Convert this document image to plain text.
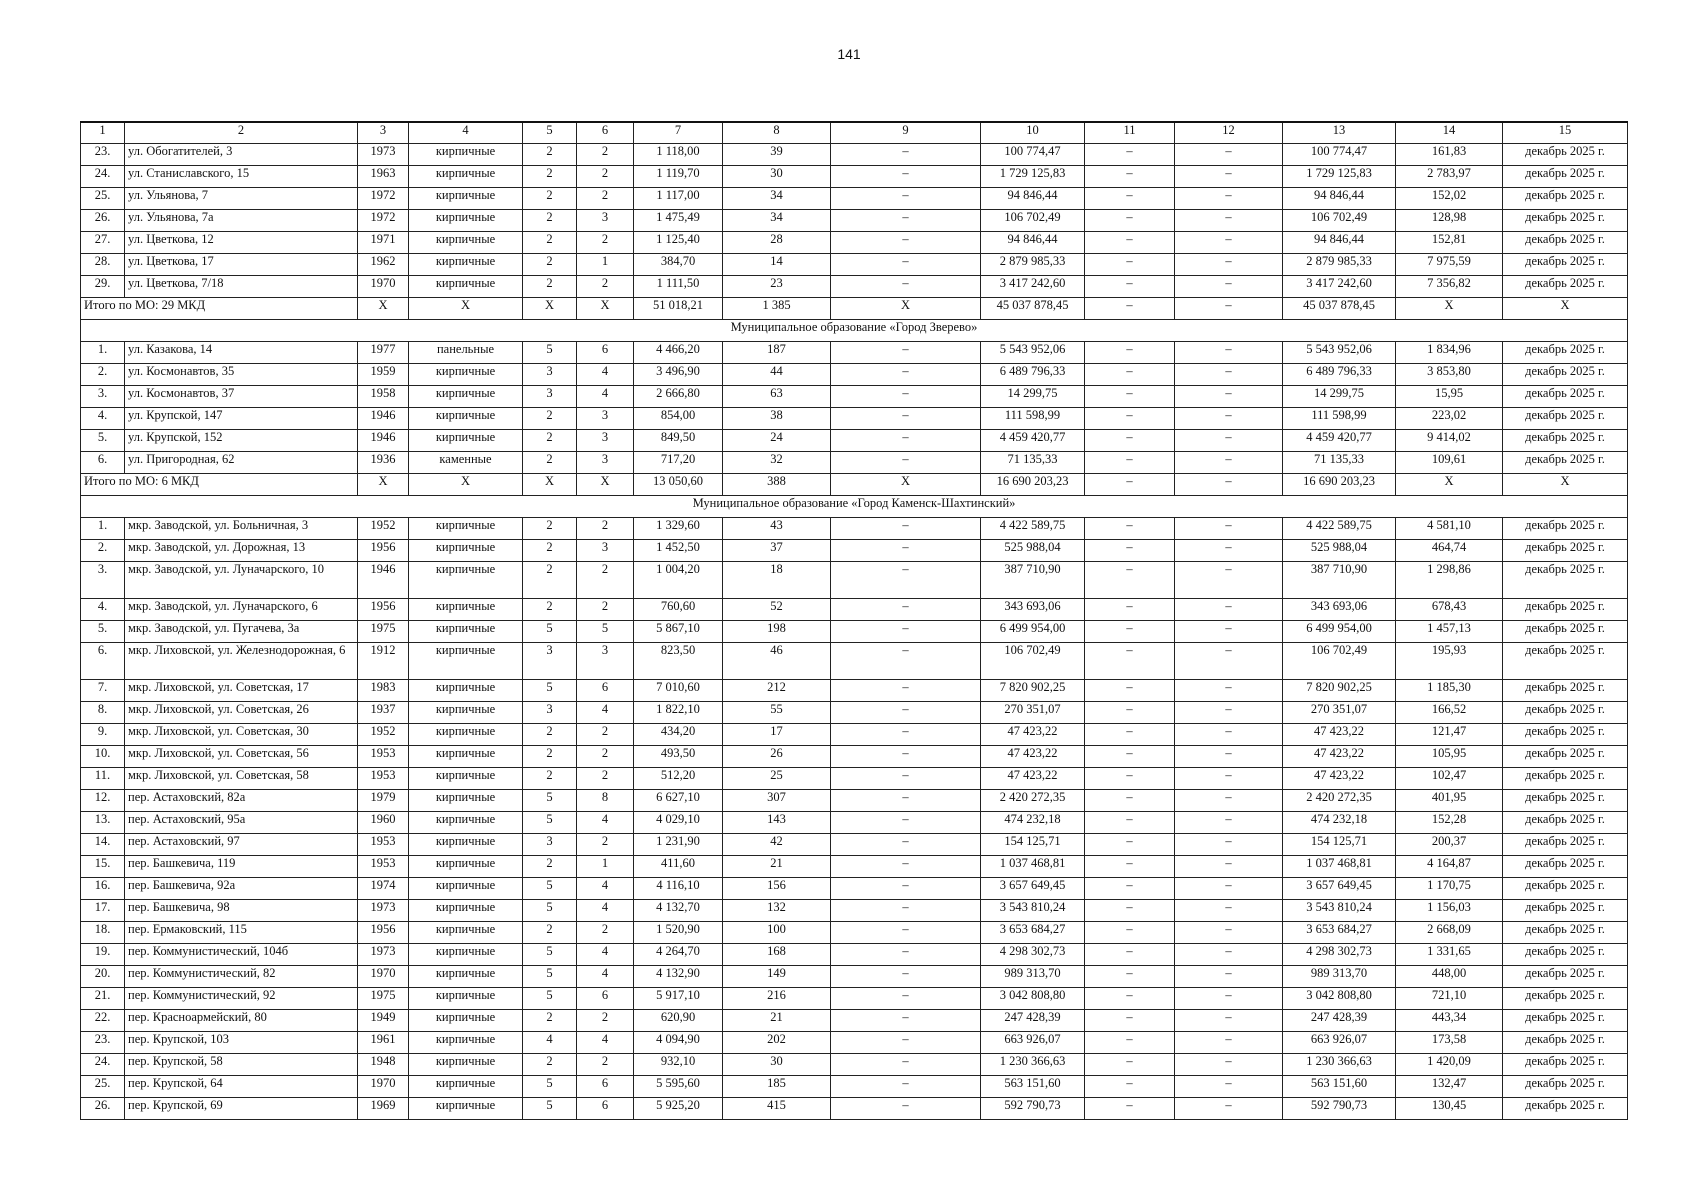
141
1	2	3	4	5	6	7	8	9	10	11	12	13	14	15
23.	ул. Обогатителей, 3	1973	кирпичные	2	2	1 118,00	39	–	100 774,47	–	–	100 774,47	161,83	декабрь 2025 г.
24.	ул. Станиславского, 15	1963	кирпичные	2	2	1 119,70	30	–	1 729 125,83	–	–	1 729 125,83	2 783,97	декабрь 2025 г.
25.	ул. Ульянова, 7	1972	кирпичные	2	2	1 117,00	34	–	94 846,44	–	–	94 846,44	152,02	декабрь 2025 г.
26.	ул. Ульянова, 7а	1972	кирпичные	2	3	1 475,49	34	–	106 702,49	–	–	106 702,49	128,98	декабрь 2025 г.
27.	ул. Цветкова, 12	1971	кирпичные	2	2	1 125,40	28	–	94 846,44	–	–	94 846,44	152,81	декабрь 2025 г.
28.	ул. Цветкова, 17	1962	кирпичные	2	1	384,70	14	–	2 879 985,33	–	–	2 879 985,33	7 975,59	декабрь 2025 г.
29.	ул. Цветкова, 7/18	1970	кирпичные	2	2	1 111,50	23	–	3 417 242,60	–	–	3 417 242,60	7 356,82	декабрь 2025 г.
Итого по МО: 29 МКД		X	X	X	X	51 018,21	1 385	X	45 037 878,45	–	–	45 037 878,45	X	X
Муниципальное образование «Город Зверево»														
1.	ул. Казакова, 14	1977	панельные	5	6	4 466,20	187	–	5 543 952,06	–	–	5 543 952,06	1 834,96	декабрь 2025 г.
2.	ул. Космонавтов, 35	1959	кирпичные	3	4	3 496,90	44	–	6 489 796,33	–	–	6 489 796,33	3 853,80	декабрь 2025 г.
3.	ул. Космонавтов, 37	1958	кирпичные	3	4	2 666,80	63	–	14 299,75	–	–	14 299,75	15,95	декабрь 2025 г.
4.	ул. Крупской, 147	1946	кирпичные	2	3	854,00	38	–	111 598,99	–	–	111 598,99	223,02	декабрь 2025 г.
5.	ул. Крупской, 152	1946	кирпичные	2	3	849,50	24	–	4 459 420,77	–	–	4 459 420,77	9 414,02	декабрь 2025 г.
6.	ул. Пригородная, 62	1936	каменные	2	3	717,20	32	–	71 135,33	–	–	71 135,33	109,61	декабрь 2025 г.
Итого по МО: 6 МКД		X	X	X	X	13 050,60	388	X	16 690 203,23	–	–	16 690 203,23	X	X
Муниципальное образование «Город Каменск-Шахтинский»														
1.	мкр. Заводской, ул. Больничная, 3	1952	кирпичные	2	2	1 329,60	43	–	4 422 589,75	–	–	4 422 589,75	4 581,10	декабрь 2025 г.
2.	мкр. Заводской, ул. Дорожная, 13	1956	кирпичные	2	3	1 452,50	37	–	525 988,04	–	–	525 988,04	464,74	декабрь 2025 г.
3.	мкр. Заводской, ул. Луначарского, 10	1946	кирпичные	2	2	1 004,20	18	–	387 710,90	–	–	387 710,90	1 298,86	декабрь 2025 г.
4.	мкр. Заводской, ул. Луначарского, 6	1956	кирпичные	2	2	760,60	52	–	343 693,06	–	–	343 693,06	678,43	декабрь 2025 г.
5.	мкр. Заводской, ул. Пугачева, 3а	1975	кирпичные	5	5	5 867,10	198	–	6 499 954,00	–	–	6 499 954,00	1 457,13	декабрь 2025 г.
6.	мкр. Лиховской, ул. Железнодорожная, 6	1912	кирпичные	3	3	823,50	46	–	106 702,49	–	–	106 702,49	195,93	декабрь 2025 г.
7.	мкр. Лиховской, ул. Советская, 17	1983	кирпичные	5	6	7 010,60	212	–	7 820 902,25	–	–	7 820 902,25	1 185,30	декабрь 2025 г.
8.	мкр. Лиховской, ул. Советская, 26	1937	кирпичные	3	4	1 822,10	55	–	270 351,07	–	–	270 351,07	166,52	декабрь 2025 г.
9.	мкр. Лиховской, ул. Советская, 30	1952	кирпичные	2	2	434,20	17	–	47 423,22	–	–	47 423,22	121,47	декабрь 2025 г.
10.	мкр. Лиховской, ул. Советская, 56	1953	кирпичные	2	2	493,50	26	–	47 423,22	–	–	47 423,22	105,95	декабрь 2025 г.
11.	мкр. Лиховской, ул. Советская, 58	1953	кирпичные	2	2	512,20	25	–	47 423,22	–	–	47 423,22	102,47	декабрь 2025 г.
12.	пер. Астаховский, 82а	1979	кирпичные	5	8	6 627,10	307	–	2 420 272,35	–	–	2 420 272,35	401,95	декабрь 2025 г.
13.	пер. Астаховский, 95а	1960	кирпичные	5	4	4 029,10	143	–	474 232,18	–	–	474 232,18	152,28	декабрь 2025 г.
14.	пер. Астаховский, 97	1953	кирпичные	3	2	1 231,90	42	–	154 125,71	–	–	154 125,71	200,37	декабрь 2025 г.
15.	пер. Башкевича, 119	1953	кирпичные	2	1	411,60	21	–	1 037 468,81	–	–	1 037 468,81	4 164,87	декабрь 2025 г.
16.	пер. Башкевича, 92а	1974	кирпичные	5	4	4 116,10	156	–	3 657 649,45	–	–	3 657 649,45	1 170,75	декабрь 2025 г.
17.	пер. Башкевича, 98	1973	кирпичные	5	4	4 132,70	132	–	3 543 810,24	–	–	3 543 810,24	1 156,03	декабрь 2025 г.
18.	пер. Ермаковский, 115	1956	кирпичные	2	2	1 520,90	100	–	3 653 684,27	–	–	3 653 684,27	2 668,09	декабрь 2025 г.
19.	пер. Коммунистический, 104б	1973	кирпичные	5	4	4 264,70	168	–	4 298 302,73	–	–	4 298 302,73	1 331,65	декабрь 2025 г.
20.	пер. Коммунистический, 82	1970	кирпичные	5	4	4 132,90	149	–	989 313,70	–	–	989 313,70	448,00	декабрь 2025 г.
21.	пер. Коммунистический, 92	1975	кирпичные	5	6	5 917,10	216	–	3 042 808,80	–	–	3 042 808,80	721,10	декабрь 2025 г.
22.	пер. Красноармейский, 80	1949	кирпичные	2	2	620,90	21	–	247 428,39	–	–	247 428,39	443,34	декабрь 2025 г.
23.	пер. Крупской, 103	1961	кирпичные	4	4	4 094,90	202	–	663 926,07	–	–	663 926,07	173,58	декабрь 2025 г.
24.	пер. Крупской, 58	1948	кирпичные	2	2	932,10	30	–	1 230 366,63	–	–	1 230 366,63	1 420,09	декабрь 2025 г.
25.	пер. Крупской, 64	1970	кирпичные	5	6	5 595,60	185	–	563 151,60	–	–	563 151,60	132,47	декабрь 2025 г.
26.	пер. Крупской, 69	1969	кирпичные	5	6	5 925,20	415	–	592 790,73	–	–	592 790,73	130,45	декабрь 2025 г.
